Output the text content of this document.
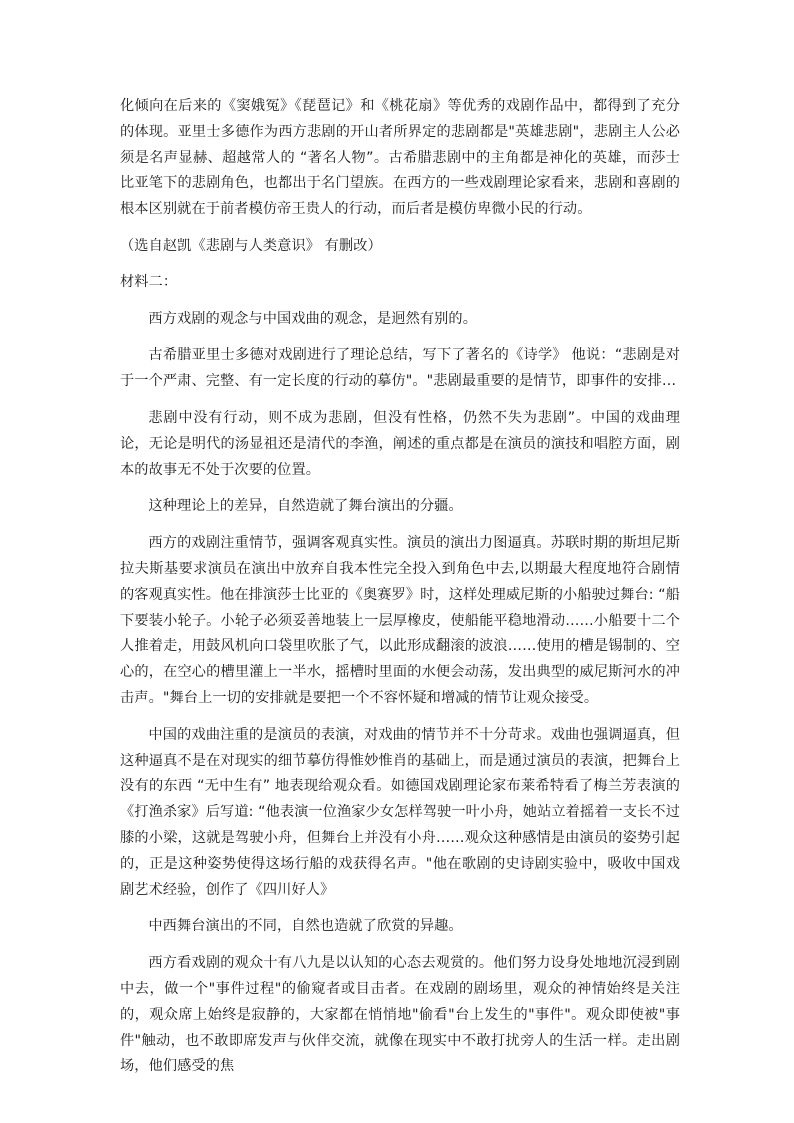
化倾向在后来的《窦娥冤》《琵琶记》和《桃花扇》等优秀的戏剧作品中，都得到了充分的体现。亚里士多德作为西方悲剧的开山者所界定的悲剧都是"英雄悲剧"，悲剧主人公必须是名声显赫、超越常人的 “著名人物”。古希腊悲剧中的主角都是神化的英雄，而莎士比亚笔下的悲剧角色，也都出于名门望族。在西方的一些戏剧理论家看来，悲剧和喜剧的根本区别就在于前者模仿帝王贵人的行动，而后者是模仿卑微小民的行动。

（选自赵凯《悲剧与人类意识》 有删改）

材料二：

西方戏剧的观念与中国戏曲的观念，是迥然有别的。

古希腊亚里士多德对戏剧进行了理论总结，写下了著名的《诗学》 他说：“悲剧是对于一个严肃、完整、有一定长度的行动的摹仿"。"悲剧最重要的是情节，即事件的安排…

悲剧中没有行动，则不成为悲剧，但没有性格，仍然不失为悲剧”。中国的戏曲理论，无论是明代的汤显祖还是清代的李渔，阐述的重点都是在演员的演技和唱腔方面，剧本的故事无不处于次要的位置。

这种理论上的差异，自然造就了舞台演出的分疆。

西方的戏剧注重情节，强调客观真实性。演员的演出力图逼真。苏联时期的斯坦尼斯拉夫斯基要求演员在演出中放弃自我本性完全投入到角色中去,以期最大程度地符合剧情的客观真实性。他在排演莎士比亚的《奥赛罗》时，这样处理威尼斯的小船驶过舞台: “船下要装小轮子。小轮子必须妥善地装上一层厚橡皮，使船能平稳地滑动……小船要十二个人推着走，用鼓风机向口袋里吹胀了气，以此形成翻滚的波浪……使用的槽是锡制的、空心的，在空心的槽里灌上一半水，摇槽时里面的水便会动荡，发出典型的威尼斯河水的冲击声。"舞台上一切的安排就是要把一个不容怀疑和增减的情节让观众接受。

中国的戏曲注重的是演员的表演，对戏曲的情节并不十分苛求。戏曲也强调逼真，但这种逼真不是在对现实的细节摹仿得惟妙惟肖的基础上，而是通过演员的表演，把舞台上没有的东西 “无中生有” 地表现给观众看。如德国戏剧理论家布莱希特看了梅兰芳表演的《打渔杀家》后写道: “他表演一位渔家少女怎样驾驶一叶小舟，她站立着摇着一支长不过膝的小梁，这就是驾驶小舟，但舞台上并没有小舟……观众这种感情是由演员的姿势引起的，正是这种姿势使得这场行船的戏获得名声。"他在歌剧的史诗剧实验中，吸收中国戏剧艺术经验，创作了《四川好人》

中西舞台演出的不同，自然也造就了欣赏的异趣。

西方看戏剧的观众十有八九是以认知的心态去观赏的。他们努力设身处地地沉浸到剧中去，做一个"事件过程"的偷窥者或目击者。在戏剧的剧场里，观众的神情始终是关注的，观众席上始终是寂静的，大家都在悄悄地"偷看"台上发生的"事件"。观众即使被"事件"触动，也不敢即席发声与伙伴交流，就像在现实中不敢打扰旁人的生活一样。走出剧场，他们感受的焦
